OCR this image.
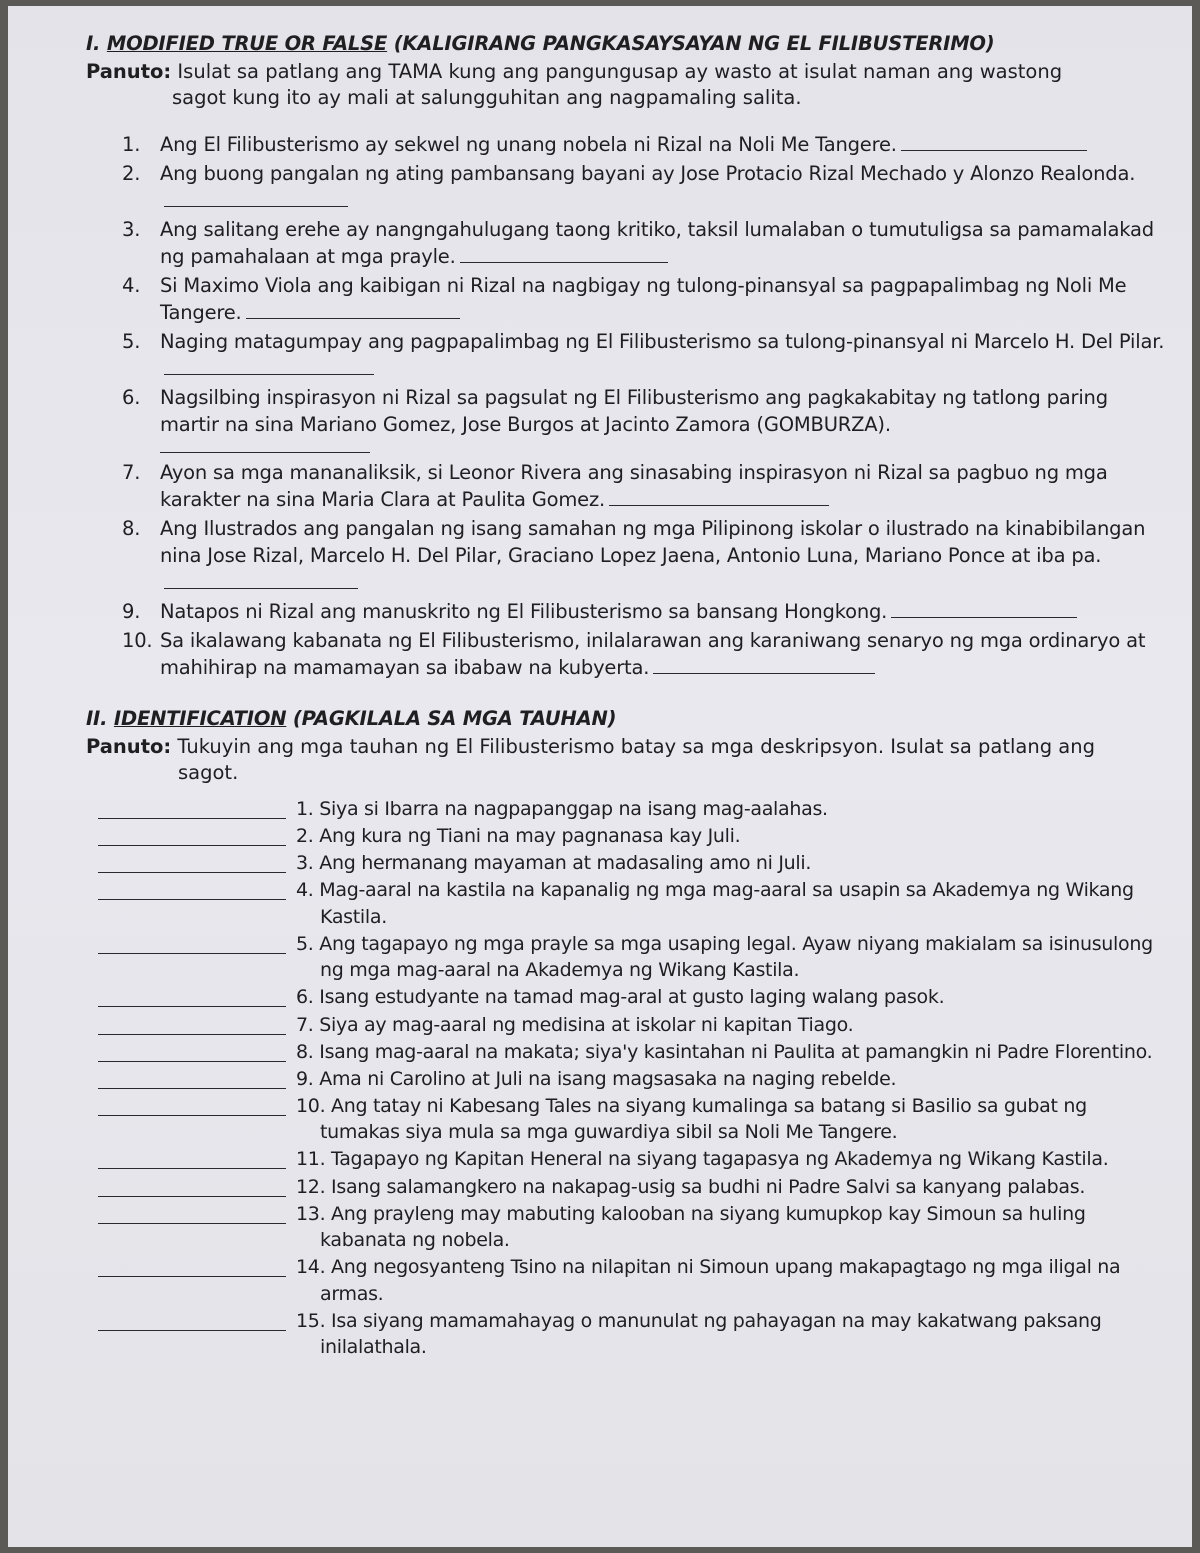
I. MODIFIED TRUE OR FALSE (KALIGIRANG PANGKASAYSAYAN NG EL FILIBUSTERIMO)

Panuto: Isulat sa patlang ang TAMA kung ang pangungusap ay wasto at isulat naman ang wastong
sagot kung ito ay mali at salungguhitan ang nagpamaling salita.

1. Ang El Filibusterismo ay sekwel ng unang nobela ni Rizal na Noli Me Tangere.
2. Ang buong pangalan ng ating pambansang bayani ay Jose Protacio Rizal Mechado y Alonzo Realonda.
3. Ang salitang erehe ay nangngahulugang taong kritiko, taksil lumalaban o tumutuligsa sa pamamalakad ng pamahalaan at mga prayle.
4. Si Maximo Viola ang kaibigan ni Rizal na nagbigay ng tulong-pinansyal sa pagpapalimbag ng Noli Me Tangere.
5. Naging matagumpay ang pagpapalimbag ng El Filibusterismo sa tulong-pinansyal ni Marcelo H. Del Pilar.
6. Nagsilbing inspirasyon ni Rizal sa pagsulat ng El Filibusterismo ang pagkakabitay ng tatlong paring martir na sina Mariano Gomez, Jose Burgos at Jacinto Zamora (GOMBURZA).
7. Ayon sa mga mananaliksik, si Leonor Rivera ang sinasabing inspirasyon ni Rizal sa pagbuo ng mga karakter na sina Maria Clara at Paulita Gomez.
8. Ang Ilustrados ang pangalan ng isang samahan ng mga Pilipinong iskolar o ilustrado na kinabibilangan nina Jose Rizal, Marcelo H. Del Pilar, Graciano Lopez Jaena, Antonio Luna, Mariano Ponce at iba pa.
9. Natapos ni Rizal ang manuskrito ng El Filibusterismo sa bansang Hongkong.
10. Sa ikalawang kabanata ng El Filibusterismo, inilalarawan ang karaniwang senaryo ng mga ordinaryo at mahihirap na mamamayan sa ibabaw na kubyerta.
II. IDENTIFICATION (PAGKILALA SA MGA TAUHAN)

Panuto: Tukuyin ang mga tauhan ng El Filibusterismo batay sa mga deskripsyon. Isulat sa patlang ang
sagot.

1. Siya si Ibarra na nagpapanggap na isang mag-aalahas.
2. Ang kura ng Tiani na may pagnanasa kay Juli.
3. Ang hermanang mayaman at madasaling amo ni Juli.
4. Mag-aaral na kastila na kapanalig ng mga mag-aaral sa usapin sa Akademya ng Wikang Kastila.
5. Ang tagapayo ng mga prayle sa mga usaping legal. Ayaw niyang makialam sa isinusulong ng mga mag-aaral na Akademya ng Wikang Kastila.
6. Isang estudyante na tamad mag-aral at gusto laging walang pasok.
7. Siya ay mag-aaral ng medisina at iskolar ni kapitan Tiago.
8. Isang mag-aaral na makata; siya'y kasintahan ni Paulita at pamangkin ni Padre Florentino.
9. Ama ni Carolino at Juli na isang magsasaka na naging rebelde.
10. Ang tatay ni Kabesang Tales na siyang kumalinga sa batang si Basilio sa gubat ng tumakas siya mula sa mga guwardiya sibil sa Noli Me Tangere.
11. Tagapayo ng Kapitan Heneral na siyang tagapasya ng Akademya ng Wikang Kastila.
12. Isang salamangkero na nakapag-usig sa budhi ni Padre Salvi sa kanyang palabas.
13. Ang prayleng may mabuting kalooban na siyang kumupkop kay Simoun sa huling kabanata ng nobela.
14. Ang negosyanteng Tsino na nilapitan ni Simoun upang makapagtago ng mga iligal na armas.
15. Isa siyang mamamahayag o manunulat ng pahayagan na may kakatwang paksang inilalathala.
